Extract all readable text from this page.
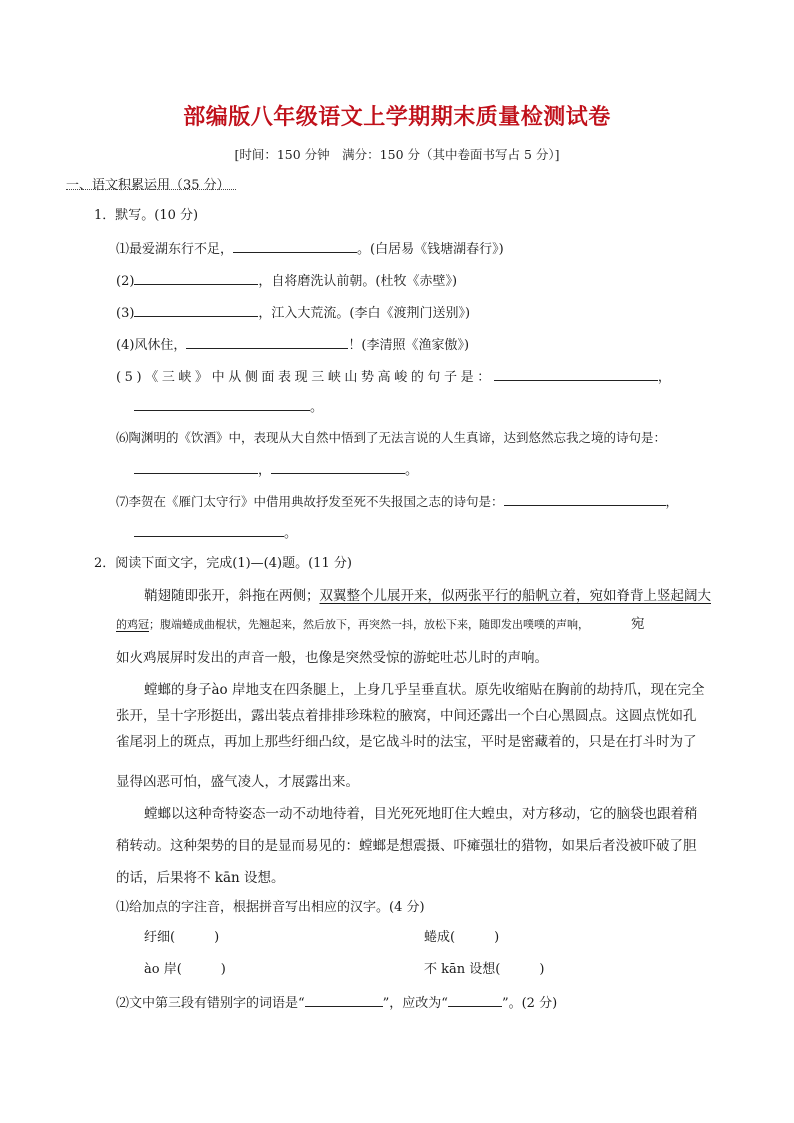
部编版八年级语文上学期期末质量检测试卷
[时间：150 分钟　满分：150 分（其中卷面书写占 5 分）]
一、语文积累运用（35 分）
1．默写。(10 分)
⑴最爱湖东行不足，	。(白居易《钱塘湖春行》)
(2)	，自将磨洗认前朝。(杜牧《赤壁》)
(3)	，江入大荒流。(李白《渡荆门送别》)
(4)风休住，	！(李清照《渔家傲》)
(5)《三峡》中从侧面表现三峡山势高峻的句子是：	，
。
⑹陶渊明的《饮酒》中，表现从大自然中悟到了无法言说的人生真谛，达到悠然忘我之境的诗句是：
，	。
⑺李贺在《雁门太守行》中借用典故抒发至死不失报国之志的诗句是：	，
。
2．阅读下面文字，完成(1)—(4)题。(11 分)
鞘翅随即张开，斜拖在两侧；双翼整个儿展开来，似两张平行的船帆立着，宛如脊背上竖起阔大
的鸡冠；腹端蜷成曲棍状，先翘起来，然后放下，再突然一抖，放松下来，随即发出噗噗的声响，	宛
如火鸡展屏时发出的声音一般，也像是突然受惊的游蛇吐芯儿时的声响。
螳螂的身子ào 岸地支在四条腿上，上身几乎呈垂直状。原先收缩贴在胸前的劫持爪，现在完全
张开，呈十字形挺出，露出装点着排排珍珠粒的腋窝，中间还露出一个白心黑圆点。这圆点恍如孔
雀尾羽上的斑点，再加上那些纡细凸纹，是它战斗时的法宝，平时是密藏着的，只是在打斗时为了
显得凶恶可怕，盛气凌人，才展露出来。
螳螂以这种奇特姿态一动不动地待着，目光死死地盯住大蝗虫，对方移动，它的脑袋也跟着稍
稍转动。这种架势的目的是显而易见的：螳螂是想震摄、吓瘫强壮的猎物，如果后者没被吓破了胆
的话，后果将不 kān 设想。
⑴给加点的字注音，根据拼音写出相应的汉字。(4 分)
纡细(　　　)	蜷成(　　　)
ào 岸(　　　)	不 kān 设想(　　　)
⑵文中第三段有错别字的词语是“	”，应改为“	”。(2 分)
